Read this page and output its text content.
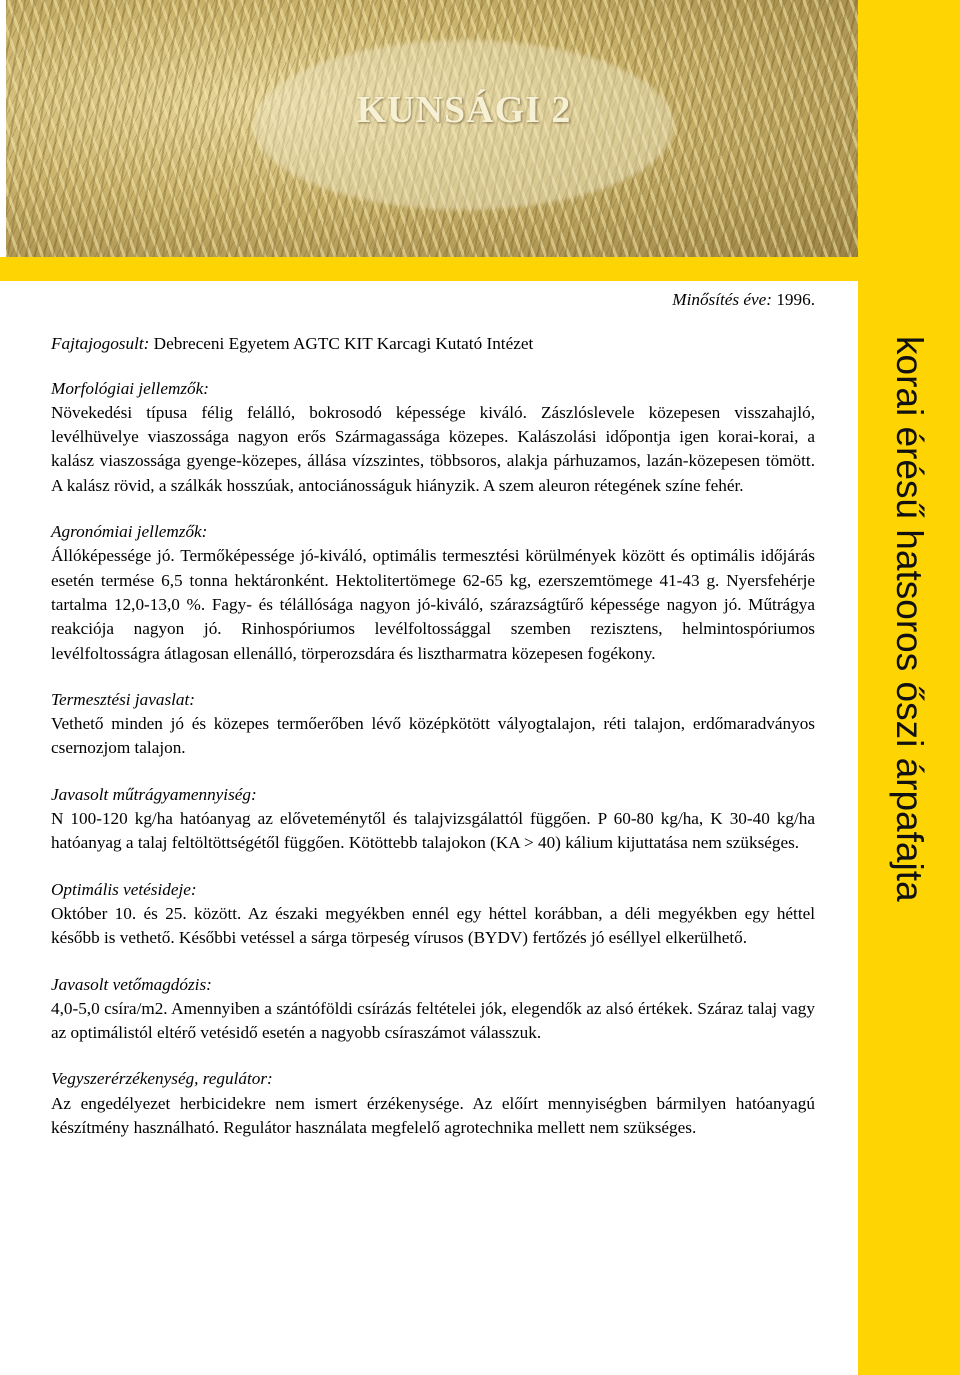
KUNSÁGI 2
korai érésű hatsoros őszi árpafajta
Minősítés éve: 1996.
Fajtajogosult: Debreceni Egyetem AGTC KIT Karcagi Kutató Intézet
Morfológiai jellemzők:

Növekedési típusa félig felálló, bokrosodó képessége kiváló. Zászlóslevele közepesen visszahajló, levélhüvelye viaszossága nagyon erős Szármagassága közepes. Kalászolási időpontja igen korai-korai, a kalász viaszossága gyenge-közepes, állása vízszintes, többsoros, alakja párhuzamos, lazán-közepesen tömött. A kalász rövid, a szálkák hosszúak, antociánosságuk hiányzik. A szem aleuron rétegének színe fehér.

Agronómiai jellemzők:

Állóképessége jó. Termőképessége jó-kiváló, optimális termesztési körülmények között és optimális időjárás esetén termése 6,5 tonna hektáronként. Hektolitertömege 62-65 kg, ezerszemtömege 41-43 g. Nyersfehérje tartalma 12,0-13,0 %. Fagy- és télállósága nagyon jó-kiváló, szárazságtűrő képessége nagyon jó. Műtrágya reakciója nagyon jó. Rinhospóriumos levélfoltossággal szemben rezisztens, helmintospóriumos levélfoltosságra átlagosan ellenálló, törperozsdára és lisztharmatra közepesen fogékony.

Termesztési javaslat:

Vethető minden jó és közepes termőerőben lévő középkötött vályogtalajon, réti talajon, erdőmaradványos csernozjom talajon.

Javasolt műtrágyamennyiség:

N 100-120 kg/ha hatóanyag az előveteménytől és talajvizsgálattól függően. P 60-80 kg/ha, K 30-40 kg/ha hatóanyag a talaj feltöltöttségétől függően. Kötöttebb talajokon (KA > 40) kálium kijuttatása nem szükséges.

Optimális vetésideje:

Október 10. és 25. között. Az északi megyékben ennél egy héttel korábban, a déli megyékben egy héttel később is vethető. Későbbi vetéssel a sárga törpeség vírusos (BYDV) fertőzés jó eséllyel elkerülhető.

Javasolt vetőmagdózis:

4,0-5,0 csíra/m2. Amennyiben a szántóföldi csírázás feltételei jók, elegendők az alsó értékek. Száraz talaj vagy az optimálistól eltérő vetésidő esetén a nagyobb csíraszámot válasszuk.

Vegyszerérzékenység, regulátor:

Az engedélyezet herbicidekre nem ismert érzékenysége. Az előírt mennyiségben bármilyen hatóanyagú készítmény használható. Regulátor használata megfelelő agrotechnika mellett nem szükséges.
